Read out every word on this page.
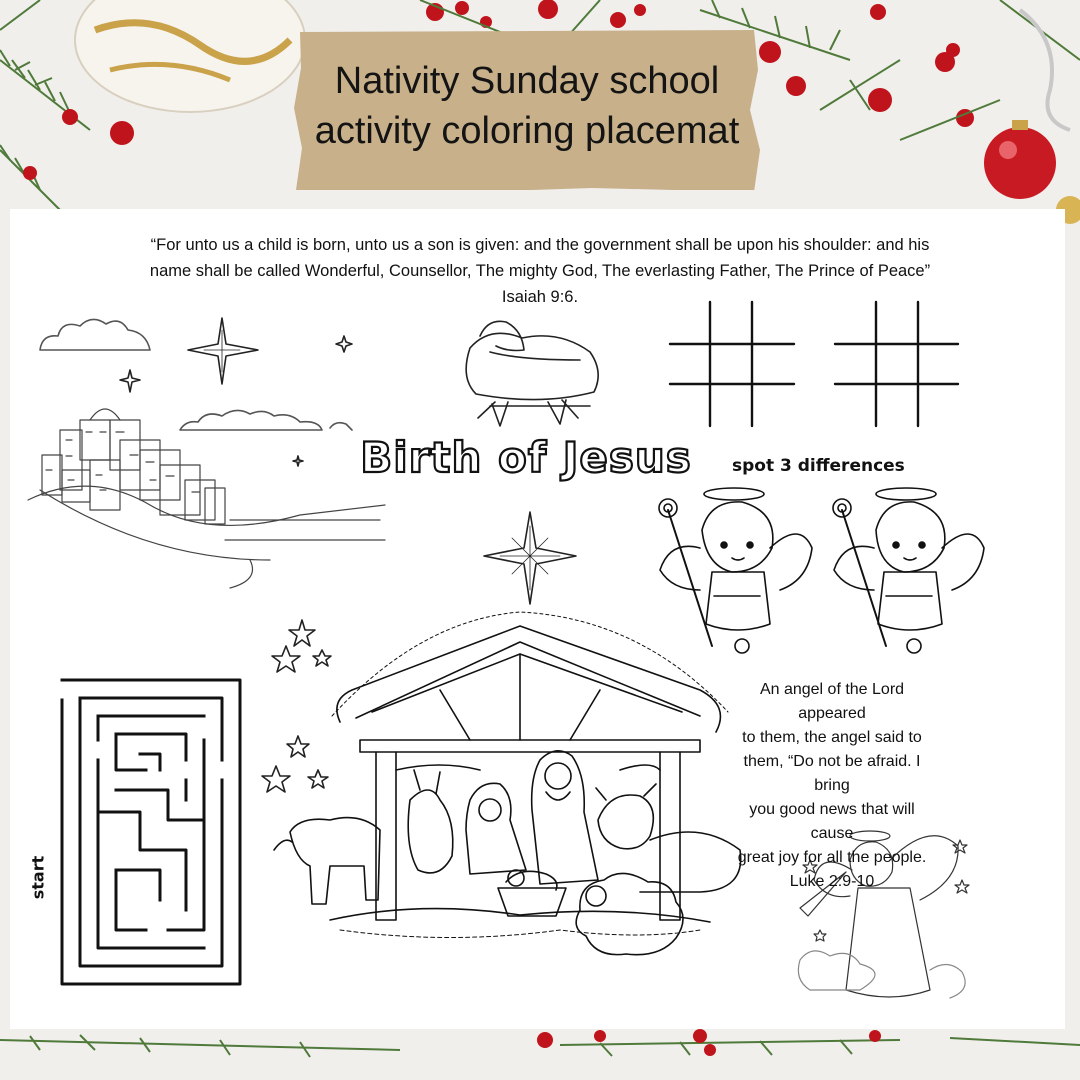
Nativity Sunday school
activity coloring placemat
“For unto us a child is born, unto us a son is given: and the government shall be upon his shoulder: and his
name shall be called Wonderful, Counsellor, The mighty God, The everlasting Father, The Prince of Peace”
Isaiah 9:6.
Birth of Jesus spot 3 differences
An angel of the Lord appeared
to them, the angel said to
them, “Do not be afraid. I bring
you good news that will cause
great joy for all the people.
Luke 2:9-10
start
